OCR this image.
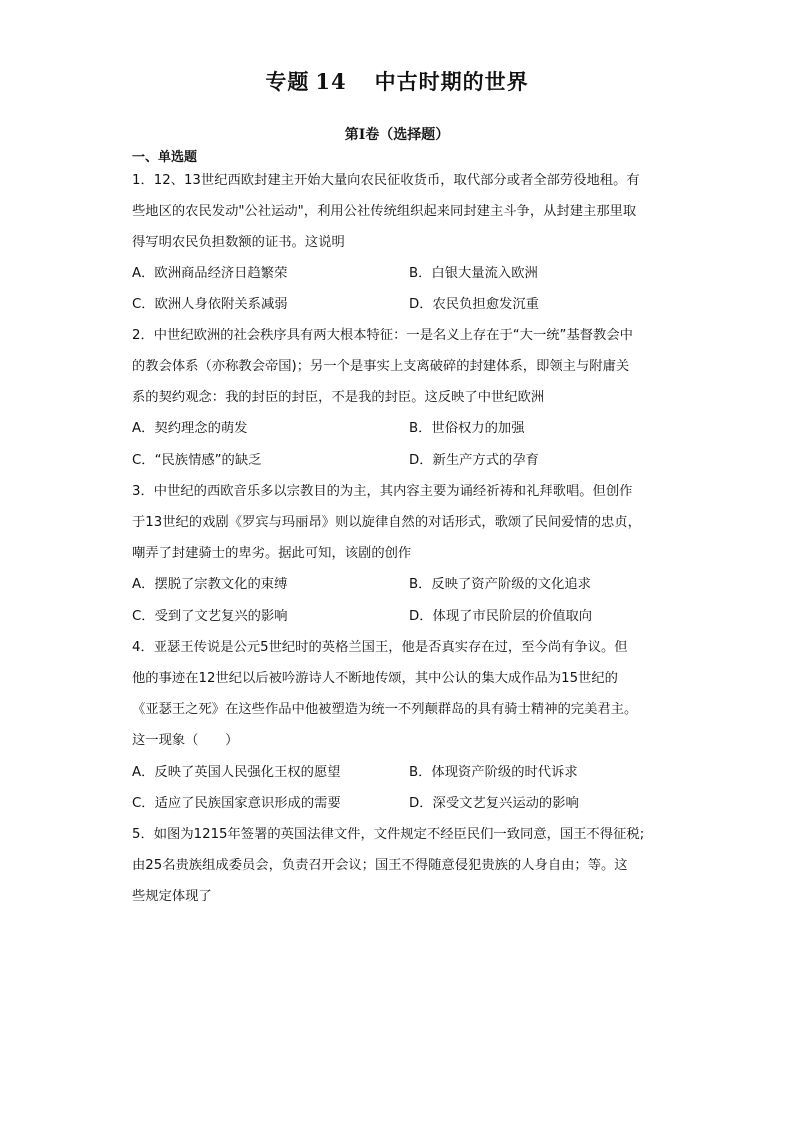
专题 14 中古时期的世界
第Ⅰ卷（选择题）
一、单选题
1．12、13世纪西欧封建主开始大量向农民征收货币，取代部分或者全部劳役地租。有
些地区的农民发动"公社运动"，利用公社传统组织起来同封建主斗争，从封建主那里取
得写明农民负担数额的证书。这说明
A．欧洲商品经济日趋繁荣	B．白银大量流入欧洲
C．欧洲人身依附关系减弱	D．农民负担愈发沉重
2．中世纪欧洲的社会秩序具有两大根本特征：一是名义上存在于“大一统”基督教会中
的教会体系（亦称教会帝国)；另一个是事实上支离破碎的封建体系，即领主与附庸关
系的契约观念：我的封臣的封臣，不是我的封臣。这反映了中世纪欧洲
A．契约理念的萌发	B．世俗权力的加强
C．“民族情感”的缺乏	D．新生产方式的孕育
3．中世纪的西欧音乐多以宗教目的为主，其内容主要为诵经祈祷和礼拜歌唱。但创作
于13世纪的戏剧《罗宾与玛丽昂》则以旋律自然的对话形式，歌颂了民间爱情的忠贞，
嘲弄了封建骑士的卑劣。据此可知，该剧的创作
A．摆脱了宗教文化的束缚	B．反映了资产阶级的文化追求
C．受到了文艺复兴的影响	D．体现了市民阶层的价值取向
4．亚瑟王传说是公元5世纪时的英格兰国王，他是否真实存在过，至今尚有争议。但
他的事迹在12世纪以后被吟游诗人不断地传颂，其中公认的集大成作品为15世纪的
《亚瑟王之死》在这些作品中他被塑造为统一不列颠群岛的具有骑士精神的完美君主。
这一现象（　　）
A．反映了英国人民强化王权的愿望	B．体现资产阶级的时代诉求
C．适应了民族国家意识形成的需要	D．深受文艺复兴运动的影响
5．如图为1215年签署的英国法律文件，文件规定不经臣民们一致同意，国王不得征税;
由25名贵族组成委员会，负责召开会议；国王不得随意侵犯贵族的人身自由；等。这
些规定体现了
